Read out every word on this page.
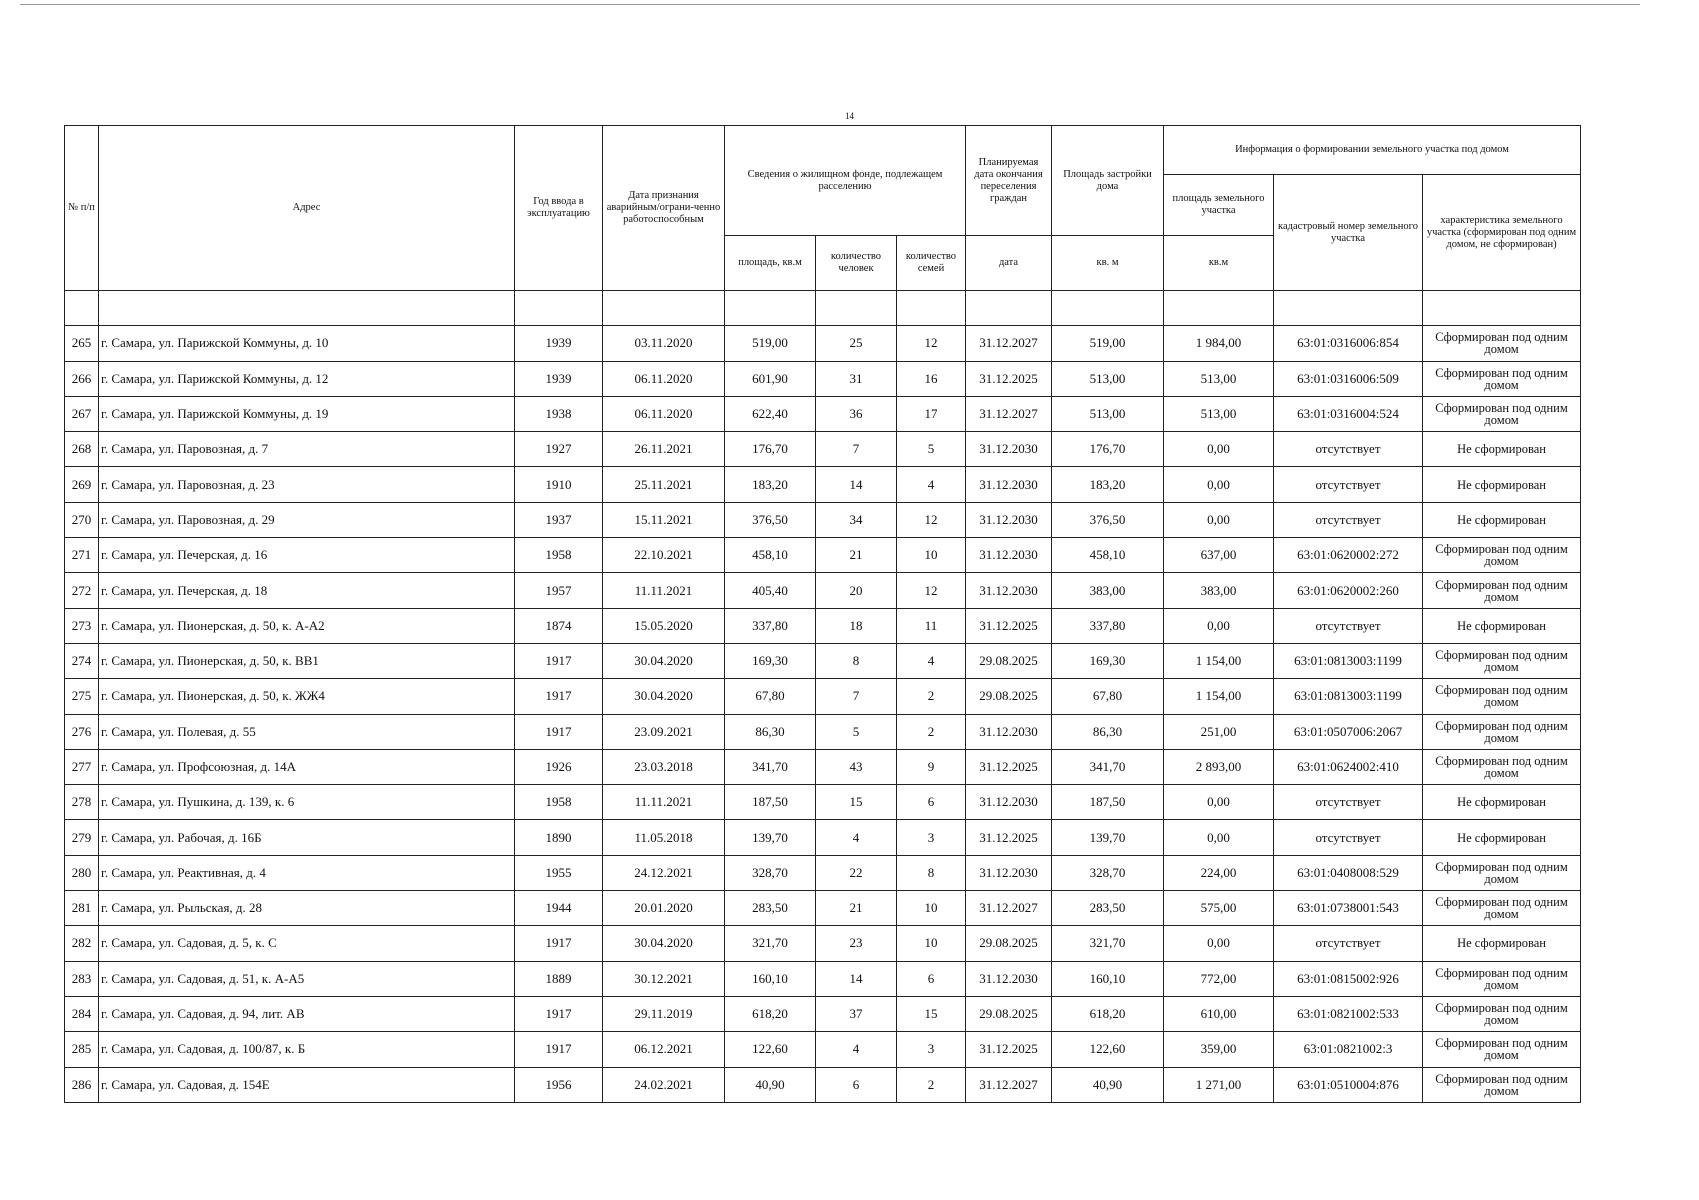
14
№ п/п	Адрес	Год ввода в эксплуатацию	Дата признания аварийным/ограни-ченно работоспособным	Сведения о жилищном фонде, подлежащем расселению			Планируемая дата окончания переселения граждан	Площадь застройки дома	Информация о формировании земельного участка под домом		
									площадь земельного участка	кадастровый номер земельного участка	характеристика земельного участка (сформирован под одним домом, не сформирован)
				площадь, кв.м	количество человек	количество семей	дата	кв. м	кв.м		

265	г. Самара, ул. Парижской Коммуны, д. 10	1939	03.11.2020	519,00	25	12	31.12.2027	519,00	1 984,00	63:01:0316006:854	Сформирован под одним домом
266	г. Самара, ул. Парижской Коммуны, д. 12	1939	06.11.2020	601,90	31	16	31.12.2025	513,00	513,00	63:01:0316006:509	Сформирован под одним домом
267	г. Самара, ул. Парижской Коммуны, д. 19	1938	06.11.2020	622,40	36	17	31.12.2027	513,00	513,00	63:01:0316004:524	Сформирован под одним домом
268	г. Самара, ул. Паровозная, д. 7	1927	26.11.2021	176,70	7	5	31.12.2030	176,70	0,00	отсутствует	Не сформирован
269	г. Самара, ул. Паровозная, д. 23	1910	25.11.2021	183,20	14	4	31.12.2030	183,20	0,00	отсутствует	Не сформирован
270	г. Самара, ул. Паровозная, д. 29	1937	15.11.2021	376,50	34	12	31.12.2030	376,50	0,00	отсутствует	Не сформирован
271	г. Самара, ул. Печерская, д. 16	1958	22.10.2021	458,10	21	10	31.12.2030	458,10	637,00	63:01:0620002:272	Сформирован под одним домом
272	г. Самара, ул. Печерская, д. 18	1957	11.11.2021	405,40	20	12	31.12.2030	383,00	383,00	63:01:0620002:260	Сформирован под одним домом
273	г. Самара, ул. Пионерская, д. 50, к. А-А2	1874	15.05.2020	337,80	18	11	31.12.2025	337,80	0,00	отсутствует	Не сформирован
274	г. Самара, ул. Пионерская, д. 50, к. ВВ1	1917	30.04.2020	169,30	8	4	29.08.2025	169,30	1 154,00	63:01:0813003:1199	Сформирован под одним домом
275	г. Самара, ул. Пионерская, д. 50, к. ЖЖ4	1917	30.04.2020	67,80	7	2	29.08.2025	67,80	1 154,00	63:01:0813003:1199	Сформирован под одним домом
276	г. Самара, ул. Полевая, д. 55	1917	23.09.2021	86,30	5	2	31.12.2030	86,30	251,00	63:01:0507006:2067	Сформирован под одним домом
277	г. Самара, ул. Профсоюзная, д. 14А	1926	23.03.2018	341,70	43	9	31.12.2025	341,70	2 893,00	63:01:0624002:410	Сформирован под одним домом
278	г. Самара, ул. Пушкина, д. 139, к. 6	1958	11.11.2021	187,50	15	6	31.12.2030	187,50	0,00	отсутствует	Не сформирован
279	г. Самара, ул. Рабочая, д. 16Б	1890	11.05.2018	139,70	4	3	31.12.2025	139,70	0,00	отсутствует	Не сформирован
280	г. Самара, ул. Реактивная, д. 4	1955	24.12.2021	328,70	22	8	31.12.2030	328,70	224,00	63:01:0408008:529	Сформирован под одним домом
281	г. Самара, ул. Рыльская, д. 28	1944	20.01.2020	283,50	21	10	31.12.2027	283,50	575,00	63:01:0738001:543	Сформирован под одним домом
282	г. Самара, ул. Садовая, д. 5, к. С	1917	30.04.2020	321,70	23	10	29.08.2025	321,70	0,00	отсутствует	Не сформирован
283	г. Самара, ул. Садовая, д. 51, к. А-А5	1889	30.12.2021	160,10	14	6	31.12.2030	160,10	772,00	63:01:0815002:926	Сформирован под одним домом
284	г. Самара, ул. Садовая, д. 94, лит. АВ	1917	29.11.2019	618,20	37	15	29.08.2025	618,20	610,00	63:01:0821002:533	Сформирован под одним домом
285	г. Самара, ул. Садовая, д. 100/87, к. Б	1917	06.12.2021	122,60	4	3	31.12.2025	122,60	359,00	63:01:0821002:3	Сформирован под одним домом
286	г. Самара, ул. Садовая, д. 154Е	1956	24.02.2021	40,90	6	2	31.12.2027	40,90	1 271,00	63:01:0510004:876	Сформирован под одним домом
